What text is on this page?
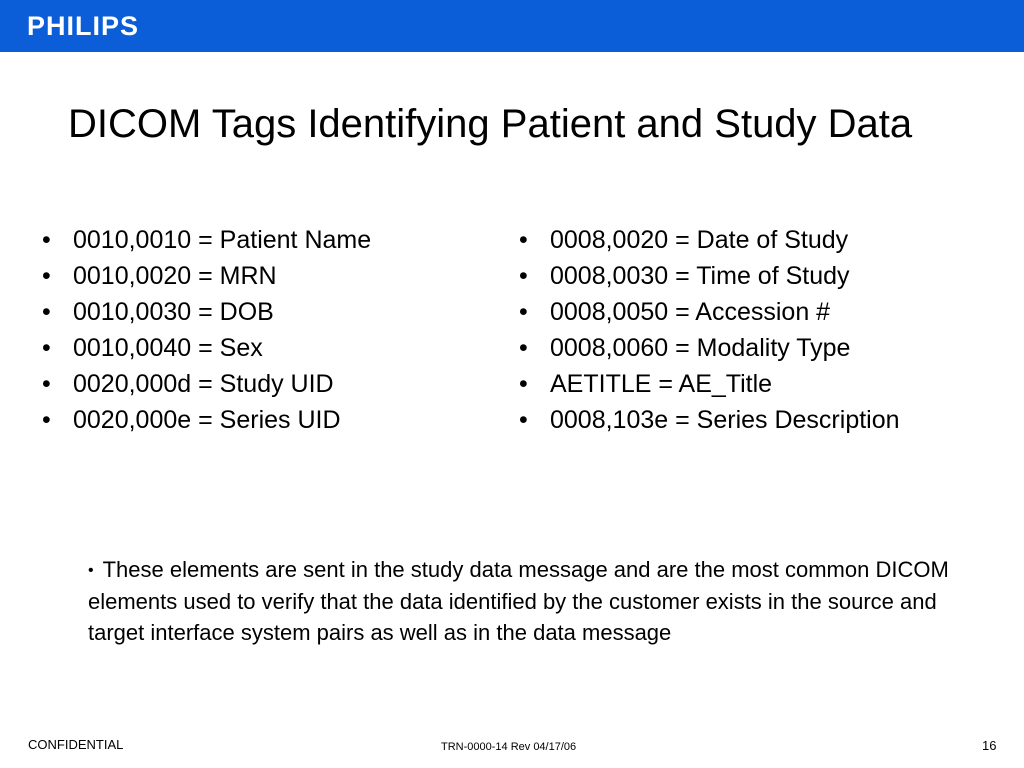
PHILIPS
DICOM Tags Identifying Patient and Study Data
• 0010,0010 = Patient Name
• 0010,0020 = MRN
• 0010,0030 = DOB
• 0010,0040 = Sex
• 0020,000d = Study UID
• 0020,000e = Series UID
• 0008,0020 = Date of Study
• 0008,0030 = Time of Study
• 0008,0050 = Accession #
• 0008,0060 = Modality Type
• AETITLE = AE_Title
• 0008,103e = Series Description

• These elements are sent in the study data message and are the most common DICOM elements used to verify that the data identified by the customer exists in the source and target interface system pairs as well as in the data message

CONFIDENTIAL	TRN-0000-14 Rev 04/17/06	16
